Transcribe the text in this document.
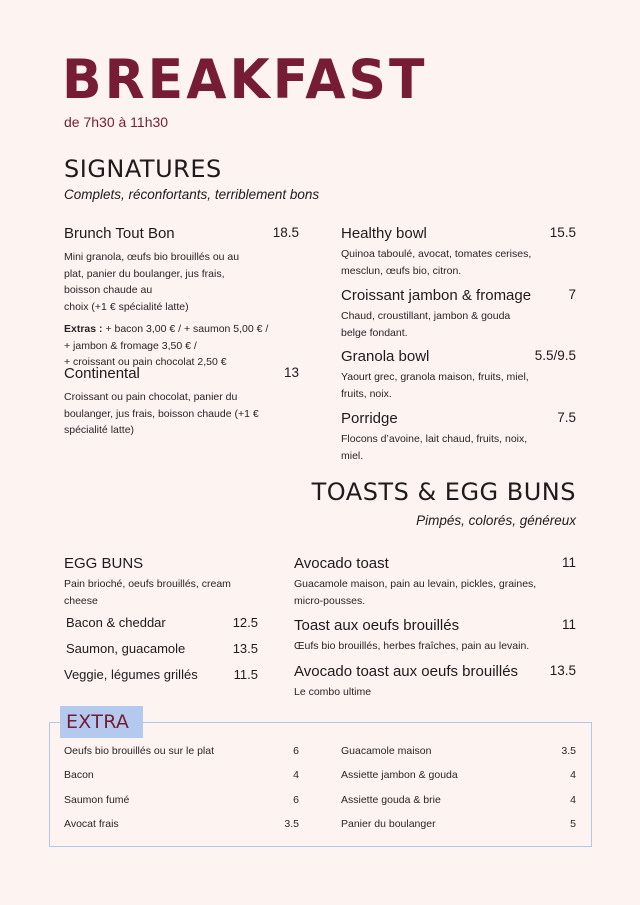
BREAKFAST
de 7h30 à 11h30
SIGNATURES
Complets, réconfortants, terriblement bons
Brunch Tout Bon	18.5
Mini granola, œufs bio brouillés ou au
plat, panier du boulanger, jus frais,
boisson chaude au
choix (+1 € spécialité latte)
Extras : + bacon 3,00 € / + saumon 5,00 € /
+ jambon & fromage 3,50 € /
+ croissant ou pain chocolat 2,50 €
Continental	13
Croissant ou pain chocolat, panier du
boulanger, jus frais, boisson chaude (+1 €
spécialité latte)
Healthy bowl	15.5
Quinoa taboulé, avocat, tomates cerises,
mesclun, œufs bio, citron.
Croissant jambon & fromage	7
Chaud, croustillant, jambon & gouda
belge fondant.
Granola bowl	5.5/9.5
Yaourt grec, granola maison, fruits, miel,
fruits, noix.
Porridge	7.5
Flocons d’avoine, lait chaud, fruits, noix,
miel.
TOASTS & EGG BUNS
Pimpés, colorés, généreux
EGG BUNS
Pain brioché, oeufs brouillés, cream
cheese
Bacon & cheddar	12.5
Saumon, guacamole	13.5
Veggie, légumes grillés	11.5
Avocado toast	11
Guacamole maison, pain au levain, pickles, graines,
micro-pousses.
Toast aux oeufs brouillés	11
Œufs bio brouillés, herbes fraîches, pain au levain.
Avocado toast aux oeufs brouillés	13.5
Le combo ultime
EXTRA
Oeufs bio brouillés ou sur le plat	6
Bacon	4
Saumon fumé	6
Avocat frais	3.5
Guacamole maison	3.5
Assiette jambon & gouda	4
Assiette gouda & brie	4
Panier du boulanger	5
